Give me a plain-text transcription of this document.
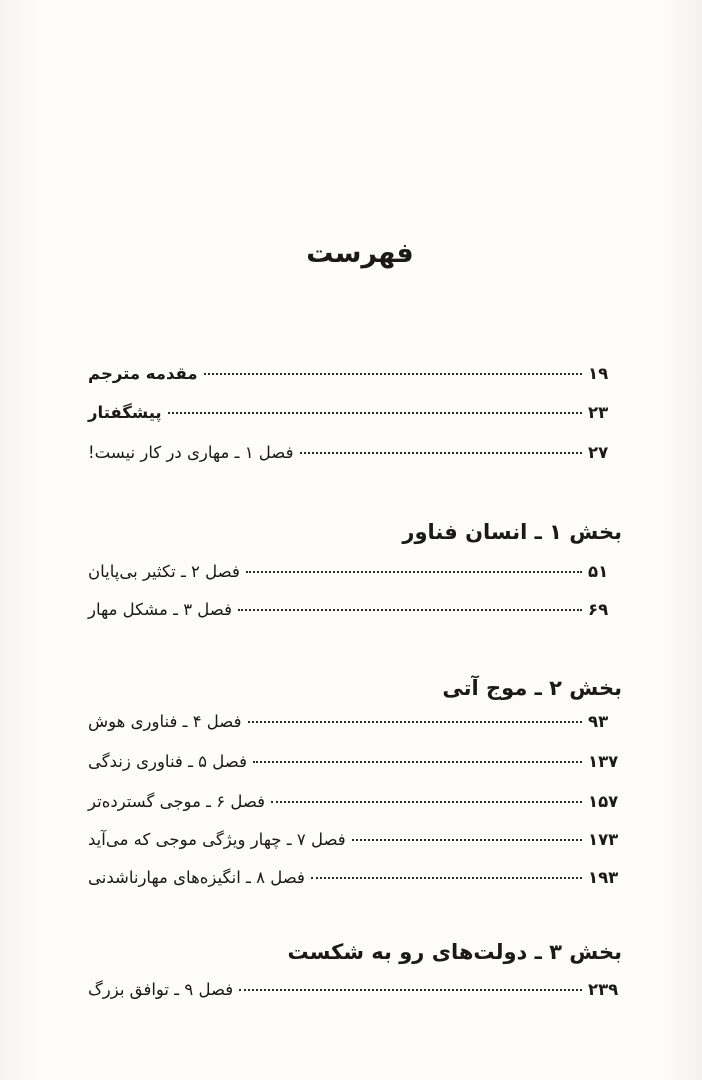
فهرست
مقدمه مترجم	۱۹
پیشگفتار	۲۳
فصل ۱ ـ مهاری در کار نیست!	۲۷
بخش ۱ ـ انسان فناور
فصل ۲ ـ تکثیر بی‌پایان	۵۱
فصل ۳ ـ مشکل مهار	۶۹
بخش ۲ ـ موج آتی
فصل ۴ ـ فناوری هوش	۹۳
فصل ۵ ـ فناوری زندگی	۱۳۷
فصل ۶ ـ موجی گسترده‌تر	۱۵۷
فصل ۷ ـ چهار ویژگی موجی که می‌آید	۱۷۳
فصل ۸ ـ انگیزه‌های مهارناشدنی	۱۹۳
بخش ۳ ـ دولت‌های رو به شکست
فصل ۹ ـ توافق بزرگ	۲۳۹
